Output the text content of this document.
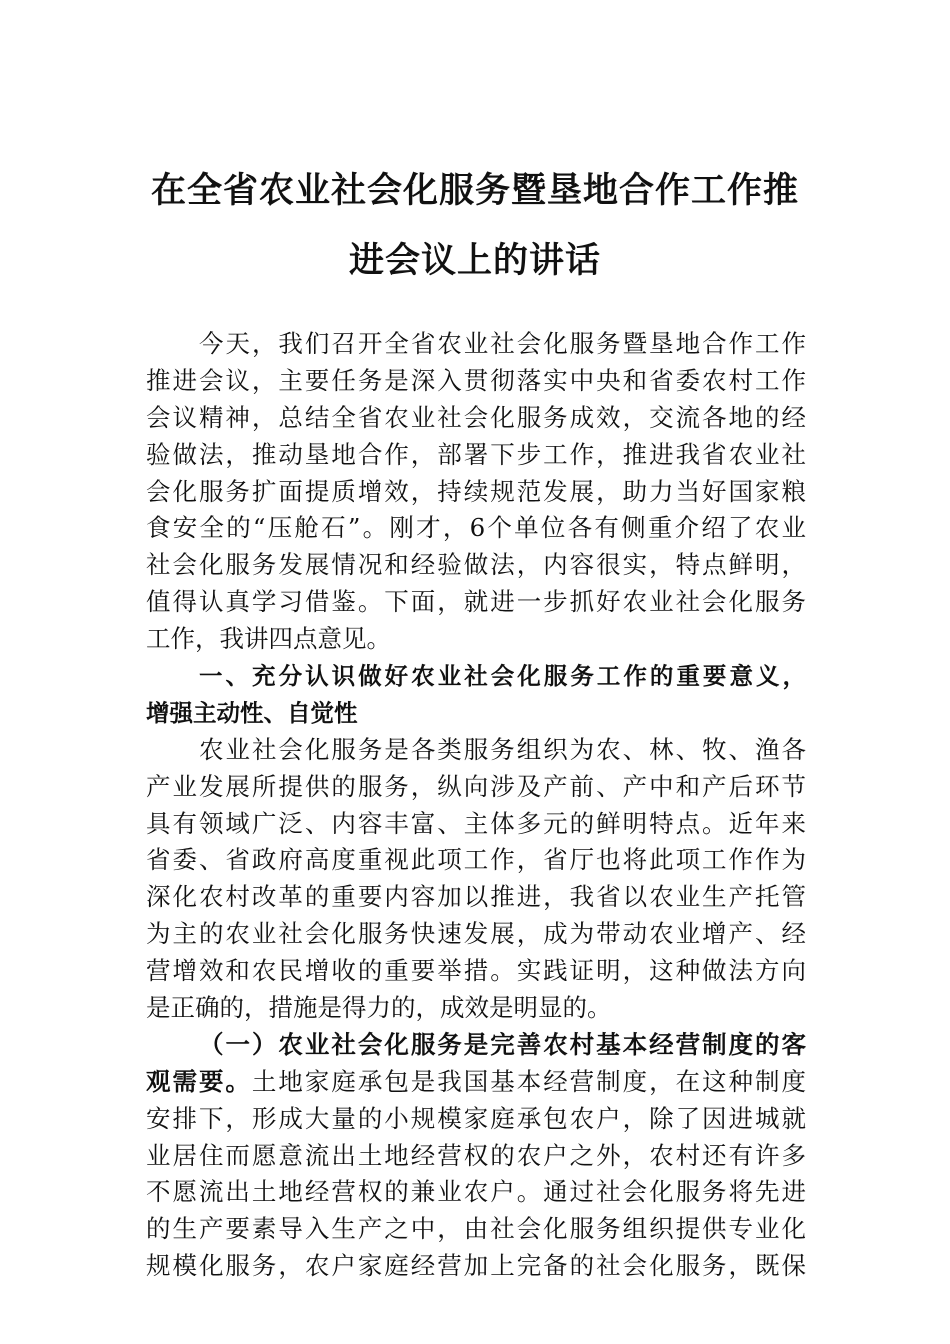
在全省农业社会化服务暨垦地合作工作推
进会议上的讲话
今天，我们召开全省农业社会化服务暨垦地合作工作
推进会议，主要任务是深入贯彻落实中央和省委农村工作
会议精神，总结全省农业社会化服务成效，交流各地的经
验做法，推动垦地合作，部署下步工作，推进我省农业社
会化服务扩面提质增效，持续规范发展，助力当好国家粮
食安全的“压舱石”。刚才，6个单位各有侧重介绍了农业
社会化服务发展情况和经验做法，内容很实，特点鲜明，
值得认真学习借鉴。下面，就进一步抓好农业社会化服务
工作，我讲四点意见。
一、充分认识做好农业社会化服务工作的重要意义，
增强主动性、自觉性
农业社会化服务是各类服务组织为农、林、牧、渔各
产业发展所提供的服务，纵向涉及产前、产中和产后环节
具有领域广泛、内容丰富、主体多元的鲜明特点。近年来
省委、省政府高度重视此项工作，省厅也将此项工作作为
深化农村改革的重要内容加以推进，我省以农业生产托管
为主的农业社会化服务快速发展，成为带动农业增产、经
营增效和农民增收的重要举措。实践证明，这种做法方向
是正确的，措施是得力的，成效是明显的。
（一）农业社会化服务是完善农村基本经营制度的客
观需要。土地家庭承包是我国基本经营制度，在这种制度
安排下，形成大量的小规模家庭承包农户，除了因进城就
业居住而愿意流出土地经营权的农户之外，农村还有许多
不愿流出土地经营权的兼业农户。通过社会化服务将先进
的生产要素导入生产之中，由社会化服务组织提供专业化
规模化服务，农户家庭经营加上完备的社会化服务，既保
